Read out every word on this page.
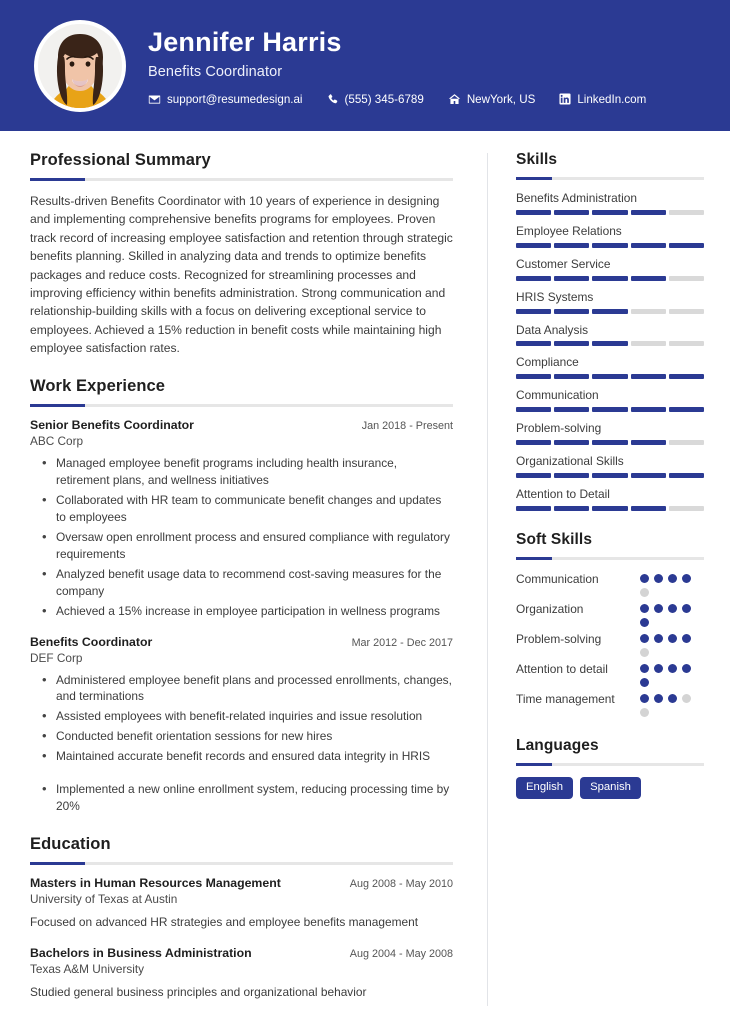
Jennifer Harris
Benefits Coordinator
support@resumedesign.ai	(555) 345-6789	NewYork, US	LinkedIn.com
Professional Summary
Results-driven Benefits Coordinator with 10 years of experience in designing and implementing comprehensive benefits programs for employees. Proven track record of increasing employee satisfaction and retention through strategic benefits planning. Skilled in analyzing data and trends to optimize benefits packages and reduce costs. Recognized for streamlining processes and improving efficiency within benefits administration. Strong communication and relationship-building skills with a focus on delivering exceptional service to employees. Achieved a 15% reduction in benefit costs while maintaining high employee satisfaction rates.
Work Experience
Senior Benefits Coordinator	Jan 2018 - Present
ABC Corp
• Managed employee benefit programs including health insurance, retirement plans, and wellness initiatives
• Collaborated with HR team to communicate benefit changes and updates to employees
• Oversaw open enrollment process and ensured compliance with regulatory requirements
• Analyzed benefit usage data to recommend cost-saving measures for the company
• Achieved a 15% increase in employee participation in wellness programs
Benefits Coordinator	Mar 2012 - Dec 2017
DEF Corp
• Administered employee benefit plans and processed enrollments, changes, and terminations
• Assisted employees with benefit-related inquiries and issue resolution
• Conducted benefit orientation sessions for new hires
• Maintained accurate benefit records and ensured data integrity in HRIS
• Implemented a new online enrollment system, reducing processing time by 20%
Education
Masters in Human Resources Management	Aug 2008 - May 2010
University of Texas at Austin
Focused on advanced HR strategies and employee benefits management
Bachelors in Business Administration	Aug 2004 - May 2008
Texas A&M University
Studied general business principles and organizational behavior
Skills
Benefits Administration
Employee Relations
Customer Service
HRIS Systems
Data Analysis
Compliance
Communication
Problem-solving
Organizational Skills
Attention to Detail
Soft Skills
Communication
Organization
Problem-solving
Attention to detail
Time management
Languages
English	Spanish
